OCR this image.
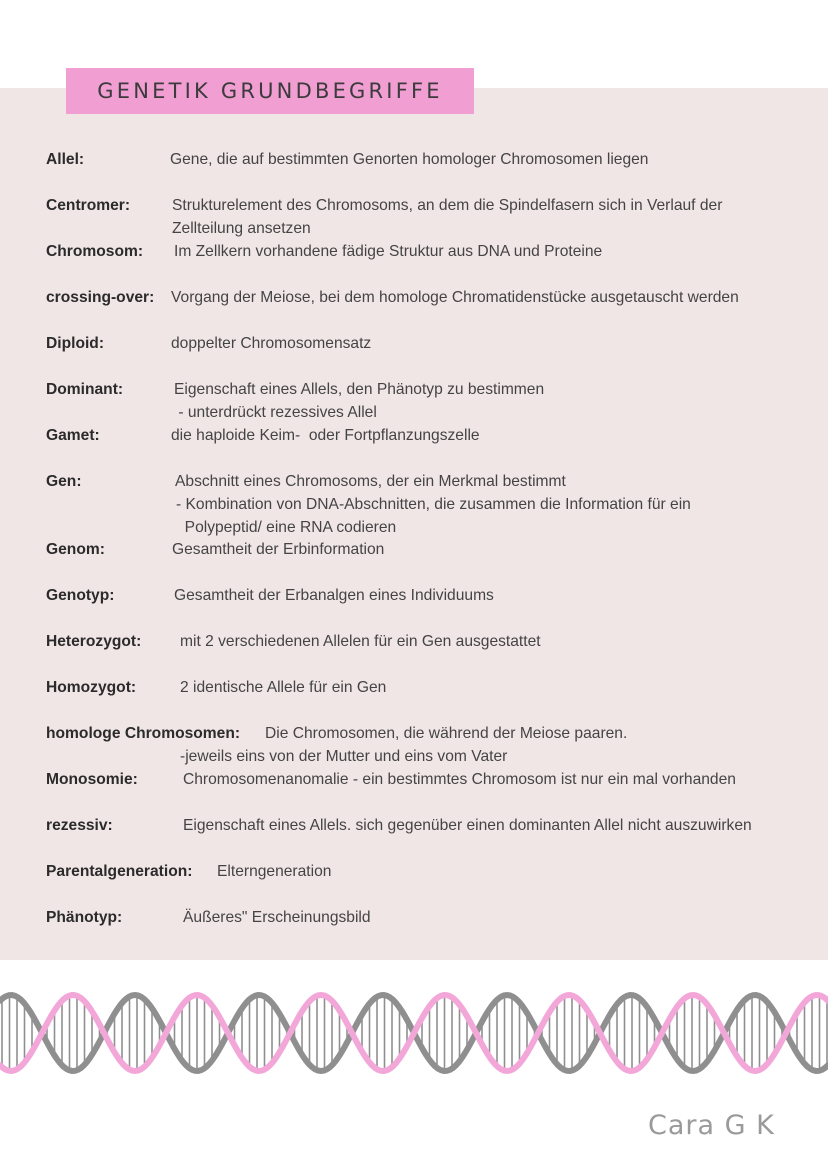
GENETIK GRUNDBEGRIFFE
Allel:	Gene, die auf bestimmten Genorten homologer Chromosomen liegen
Centromer:	Strukturelement des Chromosoms, an dem die Spindelfasern sich in Verlauf der
Zellteilung ansetzen
Chromosom: Im Zellkern vorhandene fädige Struktur aus DNA und Proteine
crossing-over: Vorgang der Meiose, bei dem homologe Chromatidenstücke ausgetauscht werden
Diploid:	doppelter Chromosomensatz
Dominant:	Eigenschaft eines Allels, den Phänotyp zu bestimmen
- unterdrückt rezessives Allel
Gamet:	die haploide Keim-  oder Fortpflanzungszelle
Gen:	Abschnitt eines Chromosoms, der ein Merkmal bestimmt
- Kombination von DNA-Abschnitten, die zusammen die Information für ein
Polypeptid/ eine RNA codieren
Genom:	Gesamtheit der Erbinformation
Genotyp:	Gesamtheit der Erbanalgen eines Individuums
Heterozygot: mit 2 verschiedenen Allelen für ein Gen ausgestattet
Homozygot:	2 identische Allele für ein Gen
homologe Chromosomen: Die Chromosomen, die während der Meiose paaren.
-jeweils eins von der Mutter und eins vom Vater
Monosomie:	Chromosomenanomalie - ein bestimmtes Chromosom ist nur ein mal vorhanden
rezessiv:	Eigenschaft eines Allels. sich gegenüber einen dominanten Allel nicht auszuwirken
Parentalgeneration: Elterngeneration
Phänotyp:	Äußeres" Erscheinungsbild
Cara G K
